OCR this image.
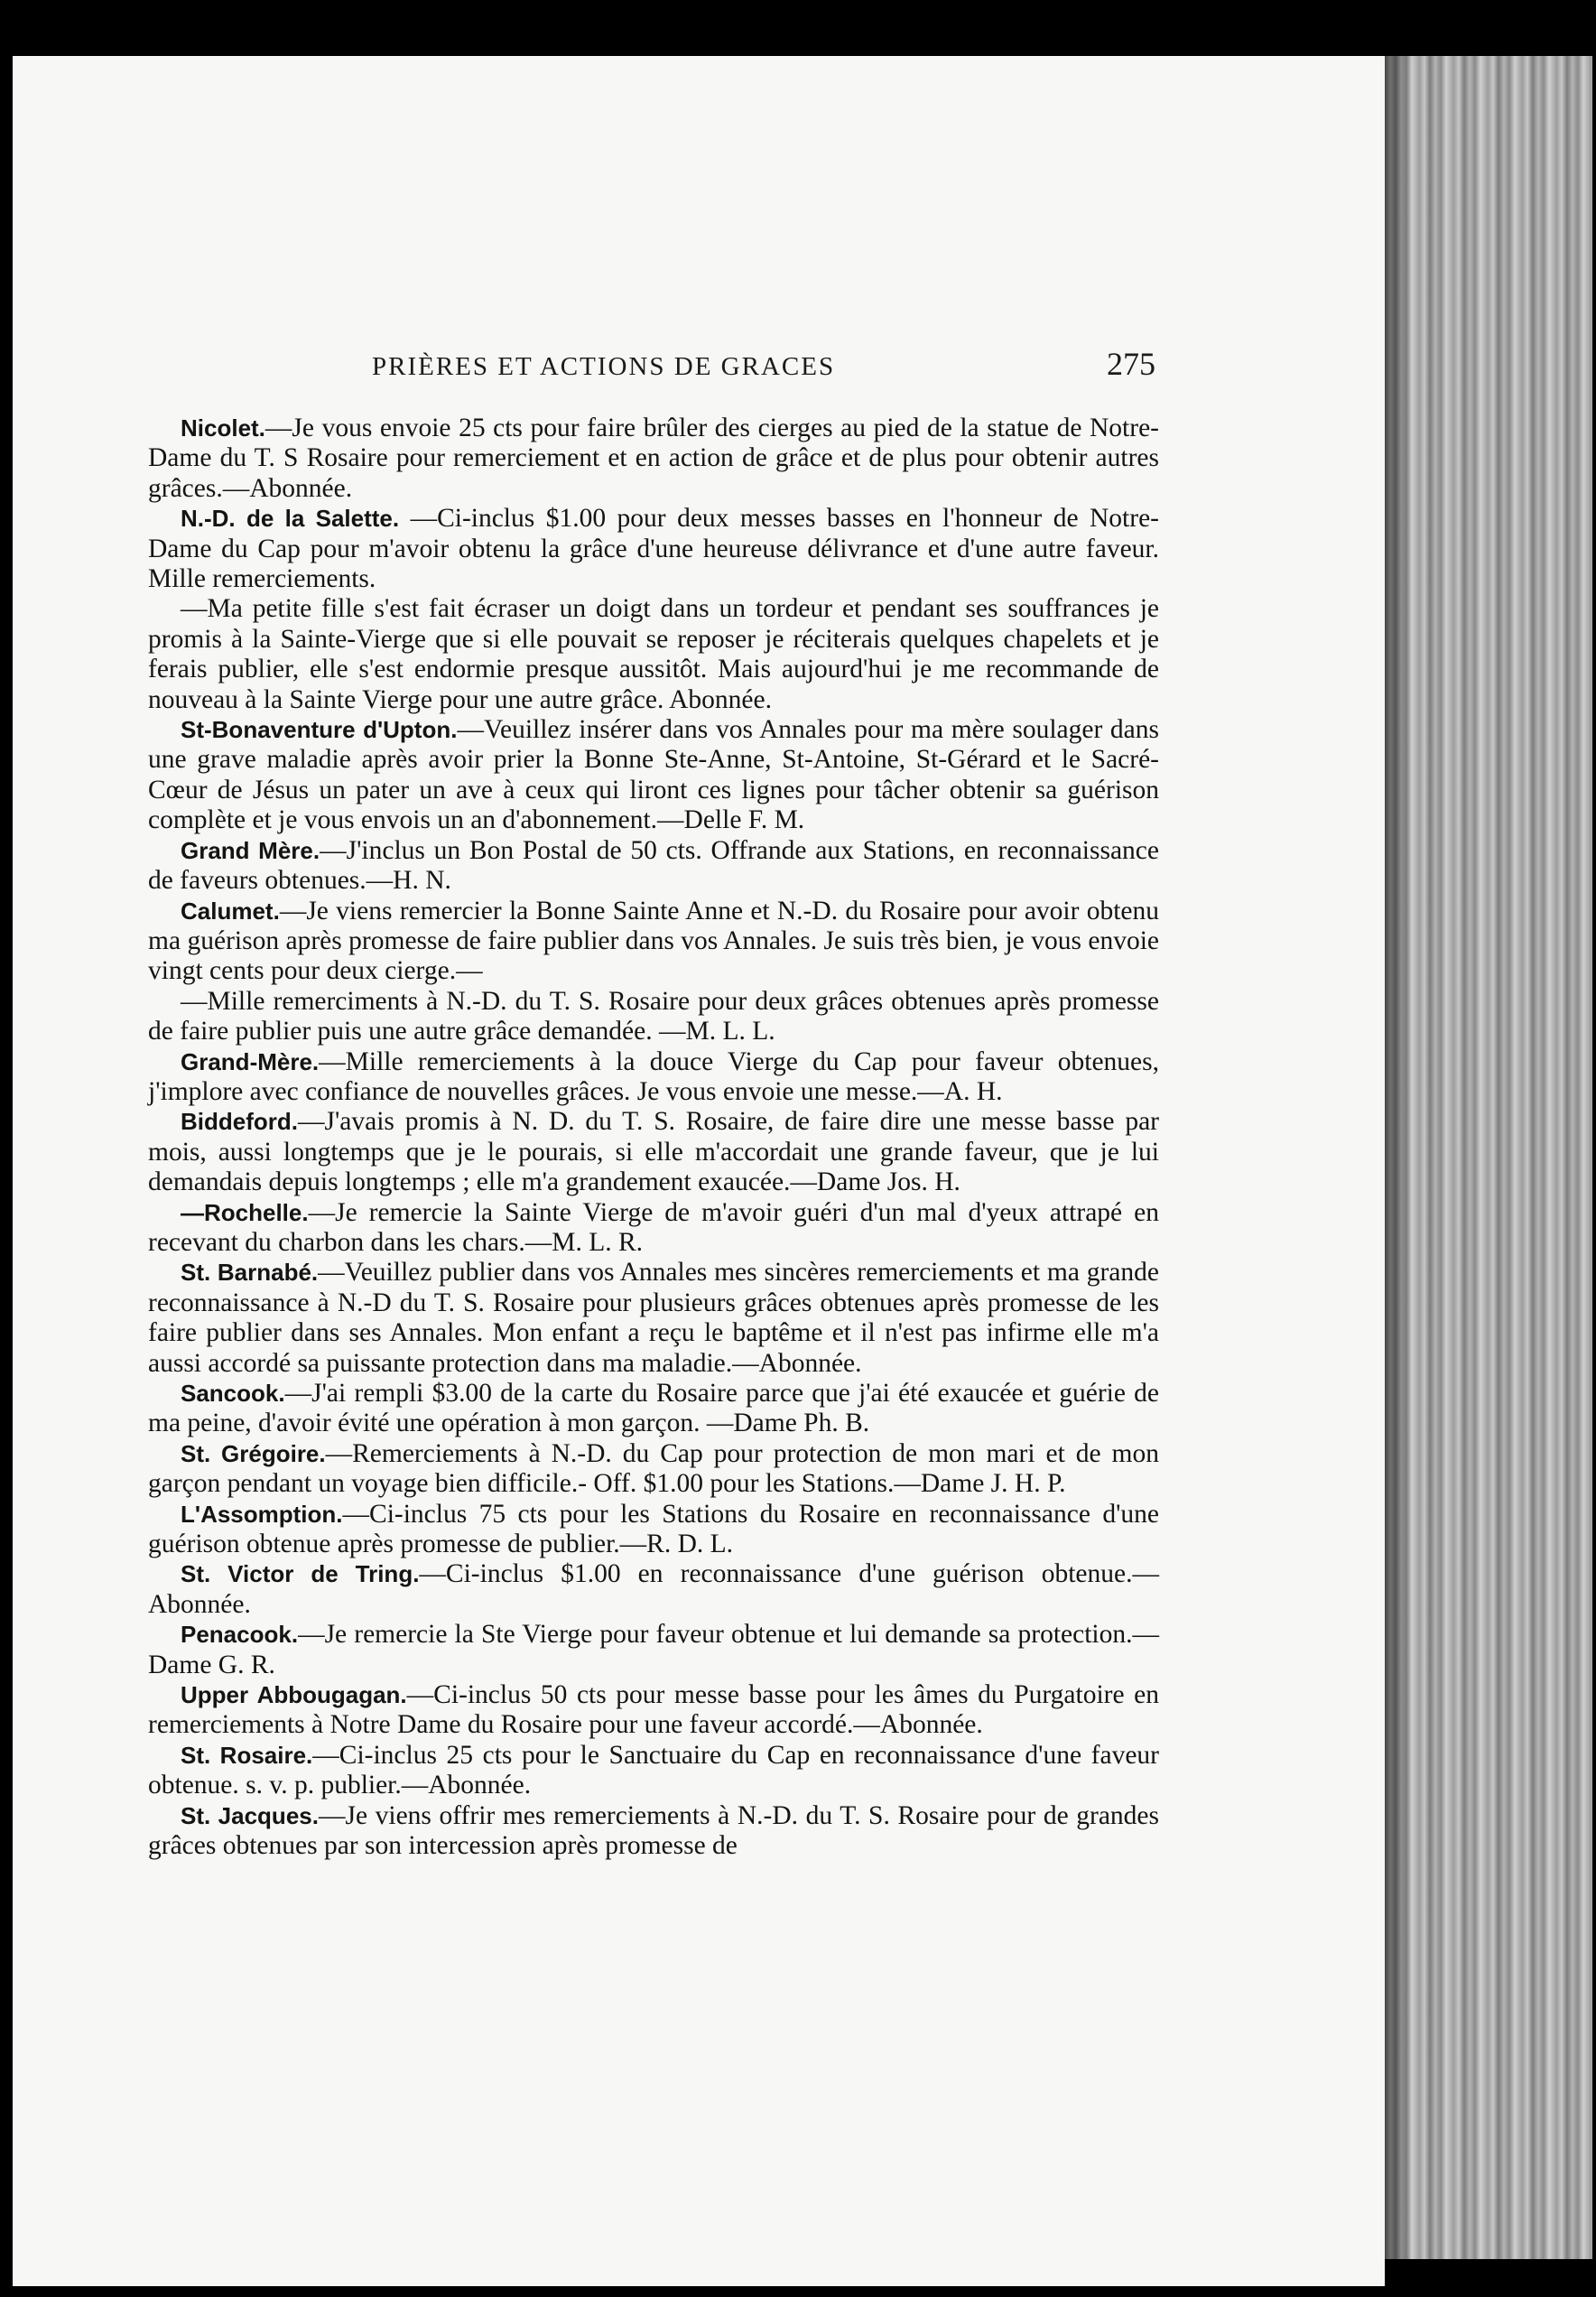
PRIÈRES ET ACTIONS DE GRACES	275

Nicolet.—Je vous envoie 25 cts pour faire brûler des cierges au pied de la statue de Notre-Dame du T. S Rosaire pour remerciement et en action de grâce et de plus pour obtenir autres grâces.—Abonnée.

N.-D. de la Salette. —Ci-inclus $1.00 pour deux messes basses en l'honneur de Notre-Dame du Cap pour m'avoir obtenu la grâce d'une heureuse délivrance et d'une autre faveur. Mille remerciements.

—Ma petite fille s'est fait écraser un doigt dans un tordeur et pendant ses souffrances je promis à la Sainte-Vierge que si elle pouvait se reposer je réciterais quelques chapelets et je ferais publier, elle s'est endormie presque aussitôt. Mais aujourd'hui je me recommande de nouveau à la Sainte Vierge pour une autre grâce. Abonnée.

St-Bonaventure d'Upton.—Veuillez insérer dans vos Annales pour ma mère soulager dans une grave maladie après avoir prier la Bonne Ste-Anne, St-Antoine, St-Gérard et le Sacré-Cœur de Jésus un pater un ave à ceux qui liront ces lignes pour tâcher obtenir sa guérison complète et je vous envois un an d'abonnement.—Delle F. M.

Grand Mère.—J'inclus un Bon Postal de 50 cts. Offrande aux Stations, en reconnaissance de faveurs obtenues.—H. N.

Calumet.—Je viens remercier la Bonne Sainte Anne et N.-D. du Rosaire pour avoir obtenu ma guérison après promesse de faire publier dans vos Annales. Je suis très bien, je vous envoie vingt cents pour deux cierge.—

—Mille remerciments à N.-D. du T. S. Rosaire pour deux grâces obtenues après promesse de faire publier puis une autre grâce demandée. —M. L. L.

Grand-Mère.—Mille remerciements à la douce Vierge du Cap pour faveur obtenues, j'implore avec confiance de nouvelles grâces. Je vous envoie une messe.—A. H.

Biddeford.—J'avais promis à N. D. du T. S. Rosaire, de faire dire une messe basse par mois, aussi longtemps que je le pourais, si elle m'accordait une grande faveur, que je lui demandais depuis longtemps ; elle m'a grandement exaucée.—Dame Jos. H.

—Rochelle.—Je remercie la Sainte Vierge de m'avoir guéri d'un mal d'yeux attrapé en recevant du charbon dans les chars.—M. L. R.

St. Barnabé.—Veuillez publier dans vos Annales mes sincères remerciements et ma grande reconnaissance à N.-D du T. S. Rosaire pour plusieurs grâces obtenues après promesse de les faire publier dans ses Annales. Mon enfant a reçu le baptême et il n'est pas infirme elle m'a aussi accordé sa puissante protection dans ma maladie.—Abonnée.

Sancook.—J'ai rempli $3.00 de la carte du Rosaire parce que j'ai été exaucée et guérie de ma peine, d'avoir évité une opération à mon garçon. —Dame Ph. B.

St. Grégoire.—Remerciements à N.-D. du Cap pour protection de mon mari et de mon garçon pendant un voyage bien difficile.- Off. $1.00 pour les Stations.—Dame J. H. P.

L'Assomption.—Ci-inclus 75 cts pour les Stations du Rosaire en reconnaissance d'une guérison obtenue après promesse de publier.—R. D. L.

St. Victor de Tring.—Ci-inclus $1.00 en reconnaissance d'une guérison obtenue.—Abonnée.

Penacook.—Je remercie la Ste Vierge pour faveur obtenue et lui demande sa protection.—Dame G. R.

Upper Abbougagan.—Ci-inclus 50 cts pour messe basse pour les âmes du Purgatoire en remerciements à Notre Dame du Rosaire pour une faveur accordé.—Abonnée.

St. Rosaire.—Ci-inclus 25 cts pour le Sanctuaire du Cap en reconnaissance d'une faveur obtenue. s. v. p. publier.—Abonnée.

St. Jacques.—Je viens offrir mes remerciements à N.-D. du T. S. Rosaire pour de grandes grâces obtenues par son intercession après promesse de
